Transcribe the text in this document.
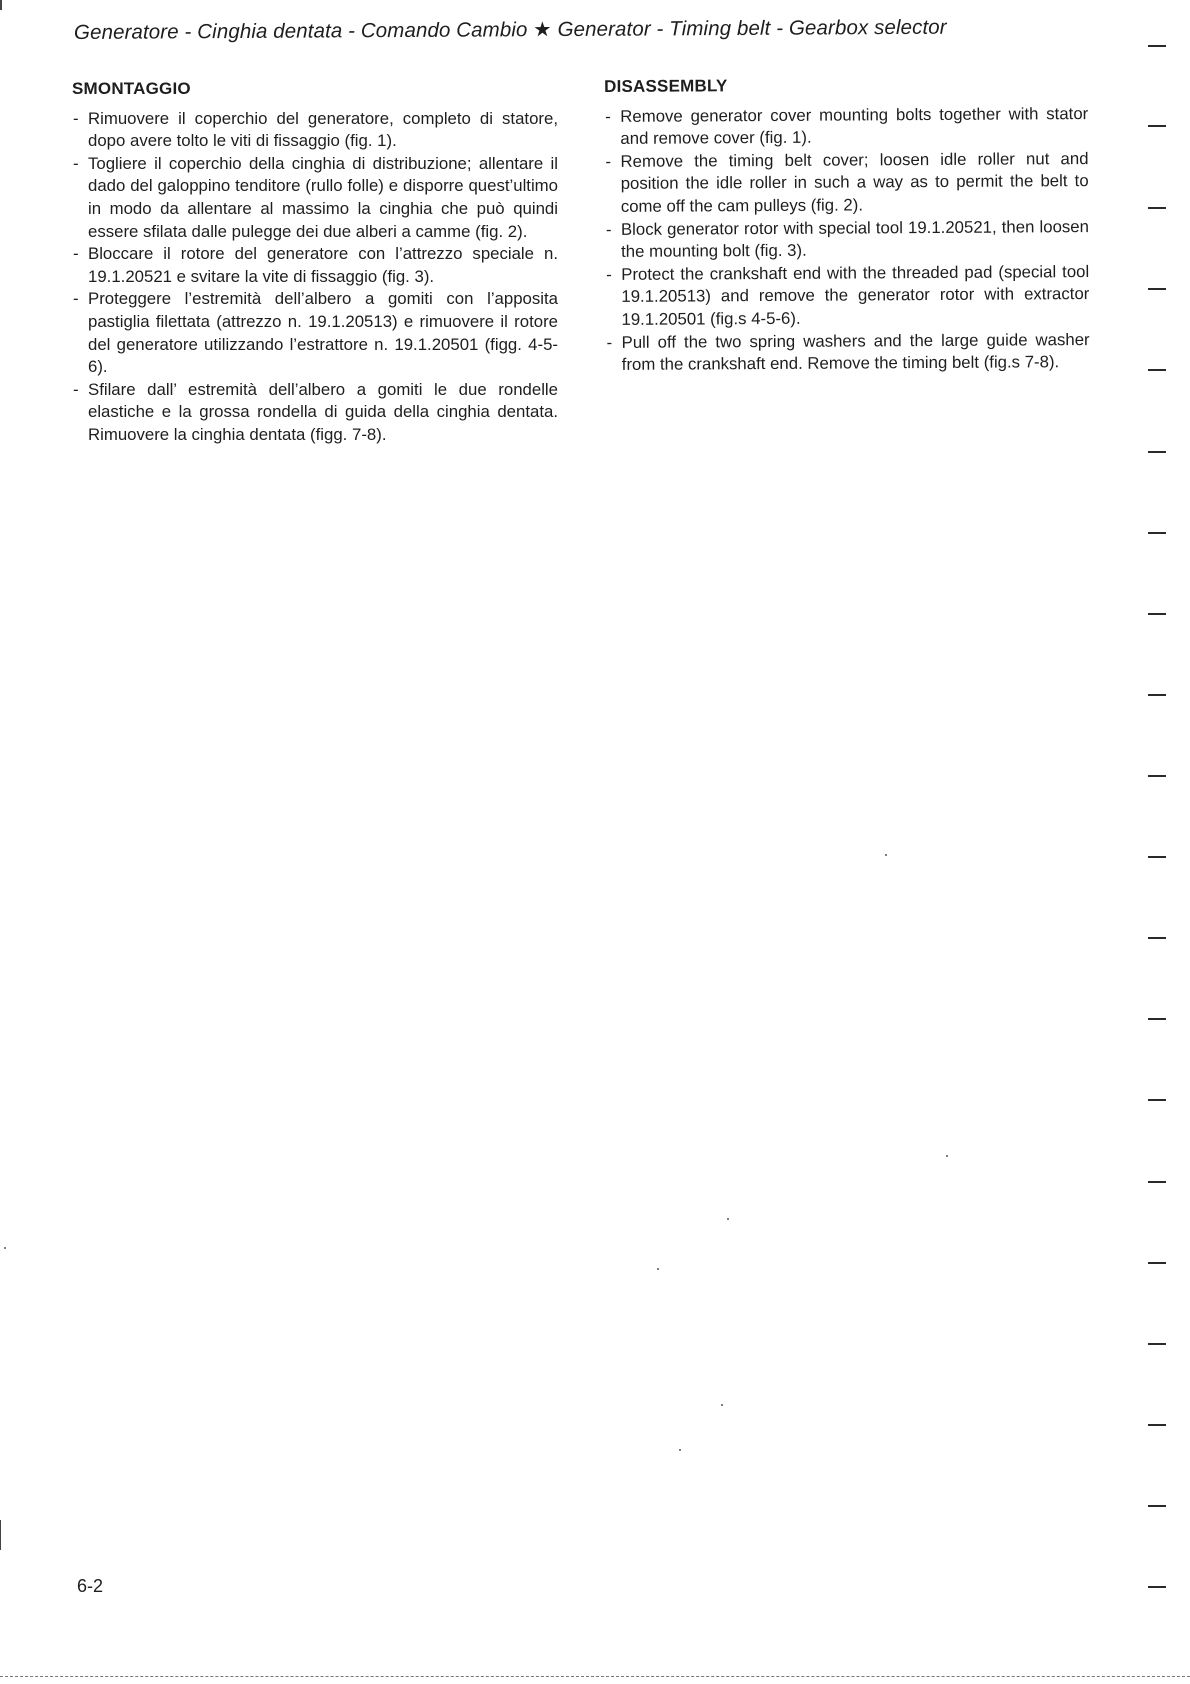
Generatore - Cinghia dentata - Comando Cambio ★ Generator - Timing belt - Gearbox selector
SMONTAGGIO
- Rimuovere il coperchio del generatore, completo di statore, dopo avere tolto le viti di fissaggio (fig. 1).
- Togliere il coperchio della cinghia di distribuzione; allentare il dado del galoppino tenditore (rullo folle) e disporre quest’ultimo in modo da allentare al massimo la cinghia che può quindi essere sfilata dalle pulegge dei due alberi a camme (fig. 2).
- Bloccare il rotore del generatore con l’attrezzo speciale n. 19.1.20521 e svitare la vite di fissaggio (fig. 3).
- Proteggere l’estremità dell’albero a gomiti con l’apposita pastiglia filettata (attrezzo n. 19.1.20513) e rimuovere il rotore del generatore utilizzando l’estrattore n. 19.1.20501 (figg. 4-5-6).
- Sfilare dall’ estremità dell’albero a gomiti le due rondelle elastiche e la grossa rondella di guida della cinghia dentata. Rimuovere la cinghia dentata (figg. 7-8).
DISASSEMBLY
- Remove generator cover mounting bolts together with stator and remove cover (fig. 1).
- Remove the timing belt cover; loosen idle roller nut and position the idle roller in such a way as to permit the belt to come off the cam pulleys (fig. 2).
- Block generator rotor with special tool 19.1.20521, then loosen the mounting bolt (fig. 3).
- Protect the crankshaft end with the threaded pad (special tool 19.1.20513) and remove the generator rotor with extractor 19.1.20501 (fig.s 4-5-6).
- Pull off the two spring washers and the large guide washer from the crankshaft end. Remove the timing belt (fig.s 7-8).
6-2
